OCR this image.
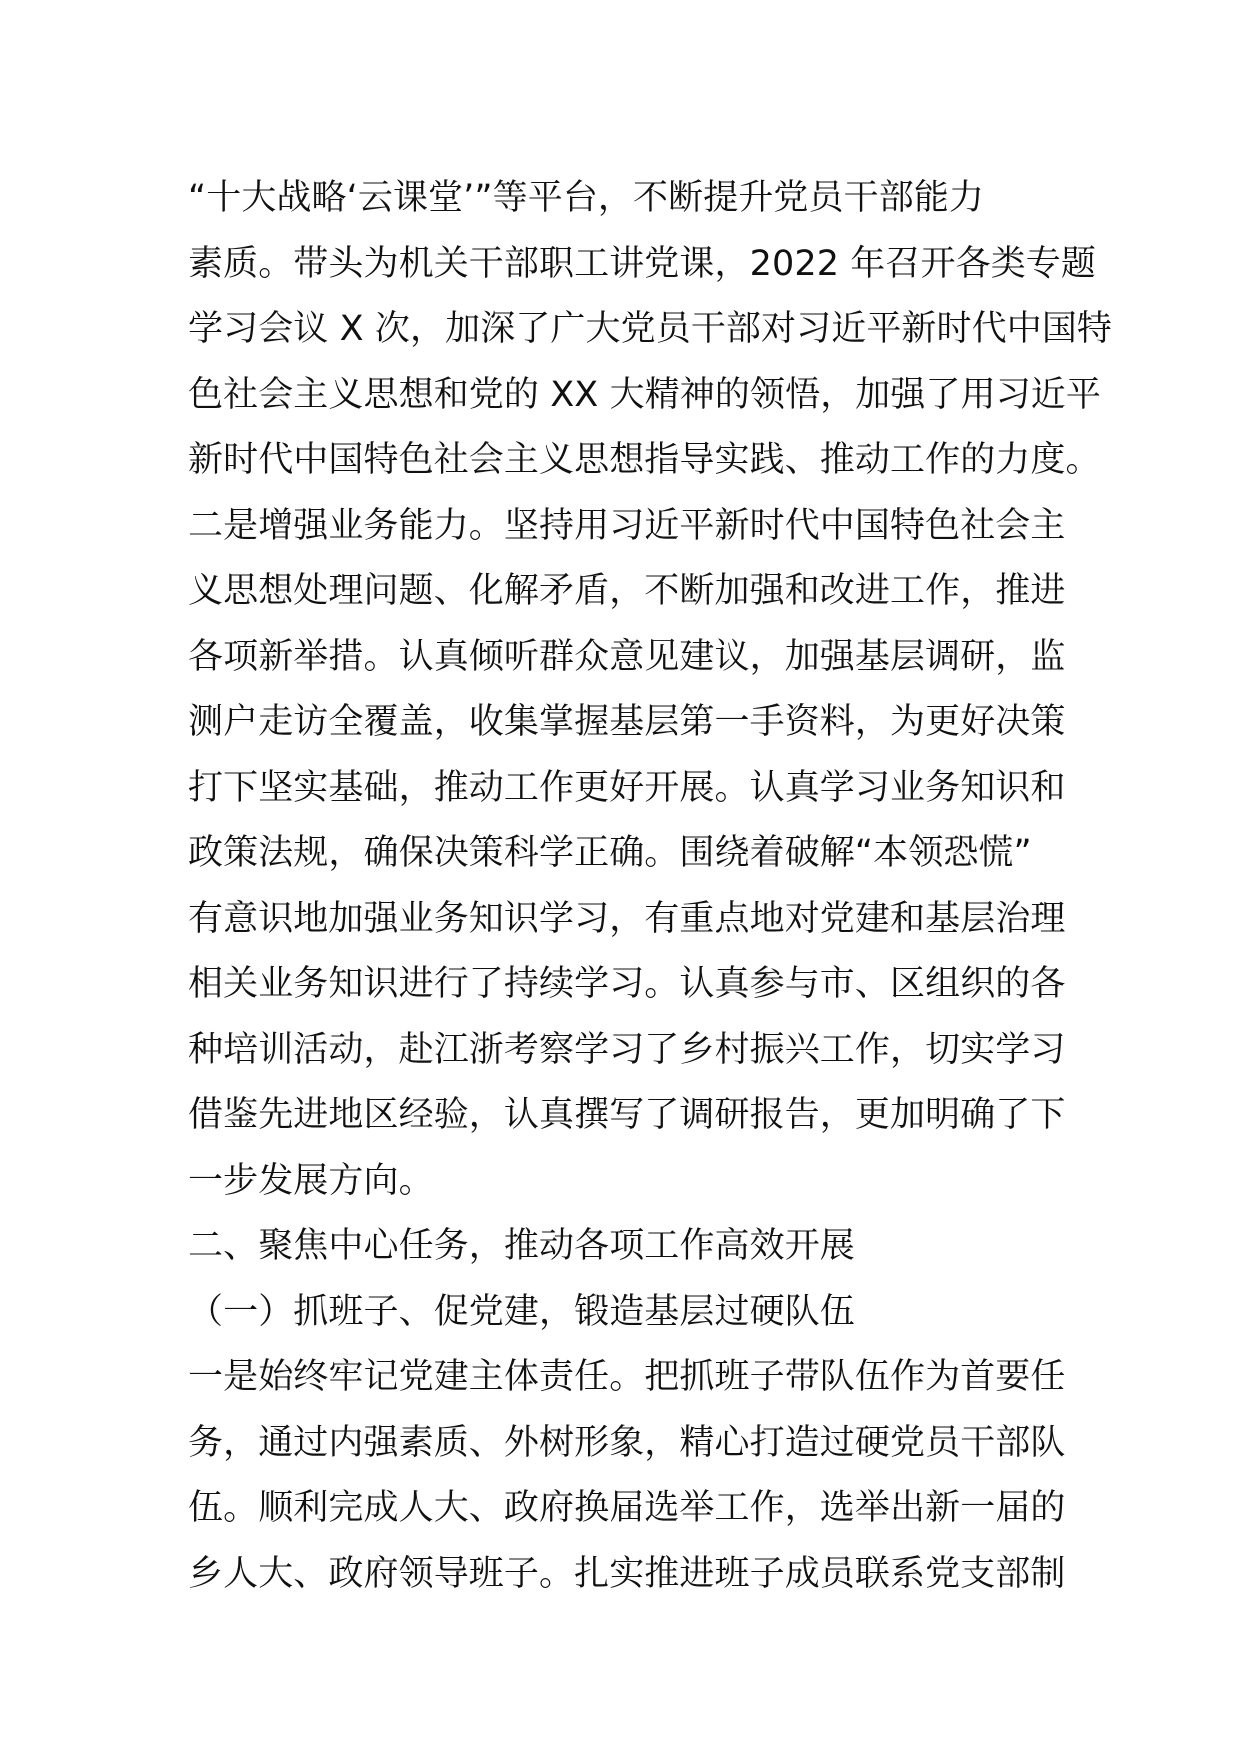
“十大战略‘云课堂’”等平台，不断提升党员干部能力
素质。带头为机关干部职工讲党课，2022 年召开各类专题
学习会议 X 次，加深了广大党员干部对习近平新时代中国特
色社会主义思想和党的 XX 大精神的领悟，加强了用习近平
新时代中国特色社会主义思想指导实践、推动工作的力度。
二是增强业务能力。坚持用习近平新时代中国特色社会主
义思想处理问题、化解矛盾，不断加强和改进工作，推进
各项新举措。认真倾听群众意见建议，加强基层调研，监
测户走访全覆盖，收集掌握基层第一手资料，为更好决策
打下坚实基础，推动工作更好开展。认真学习业务知识和
政策法规，确保决策科学正确。围绕着破解“本领恐慌”
有意识地加强业务知识学习，有重点地对党建和基层治理
相关业务知识进行了持续学习。认真参与市、区组织的各
种培训活动，赴江浙考察学习了乡村振兴工作，切实学习
借鉴先进地区经验，认真撰写了调研报告，更加明确了下
一步发展方向。
二、聚焦中心任务，推动各项工作高效开展
（一）抓班子、促党建，锻造基层过硬队伍
一是始终牢记党建主体责任。把抓班子带队伍作为首要任
务，通过内强素质、外树形象，精心打造过硬党员干部队
伍。顺利完成人大、政府换届选举工作，选举出新一届的
乡人大、政府领导班子。扎实推进班子成员联系党支部制
